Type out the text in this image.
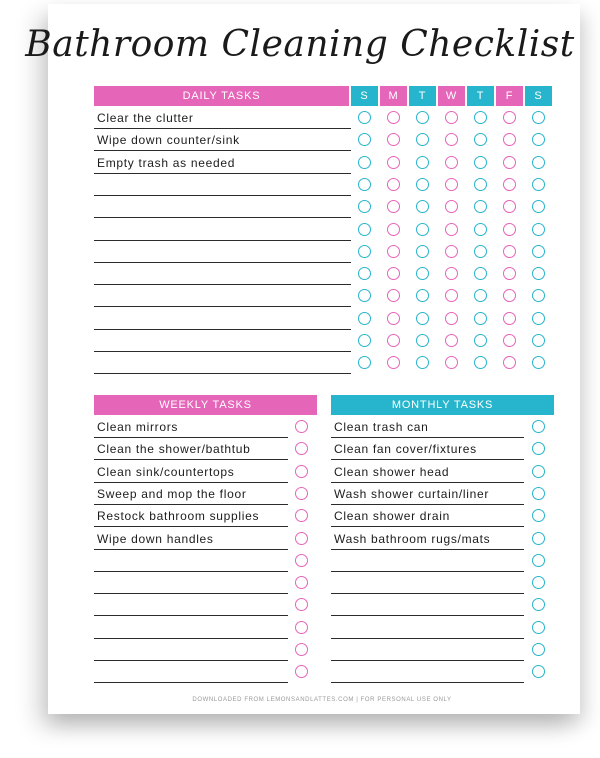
Bathroom Cleaning Checklist
DAILY TASKS	S	M	T	W	T	F	S
Clear the clutter
Wipe down counter/sink
Empty trash as needed
WEEKLY TASKS
Clean mirrors
Clean the shower/bathtub
Clean sink/countertops
Sweep and mop the floor
Restock bathroom supplies
Wipe down handles
MONTHLY TASKS
Clean trash can
Clean fan cover/fixtures
Clean shower head
Wash shower curtain/liner
Clean shower drain
Wash bathroom rugs/mats
DOWNLOADED FROM LEMONSANDLATTES.COM | FOR PERSONAL USE ONLY
